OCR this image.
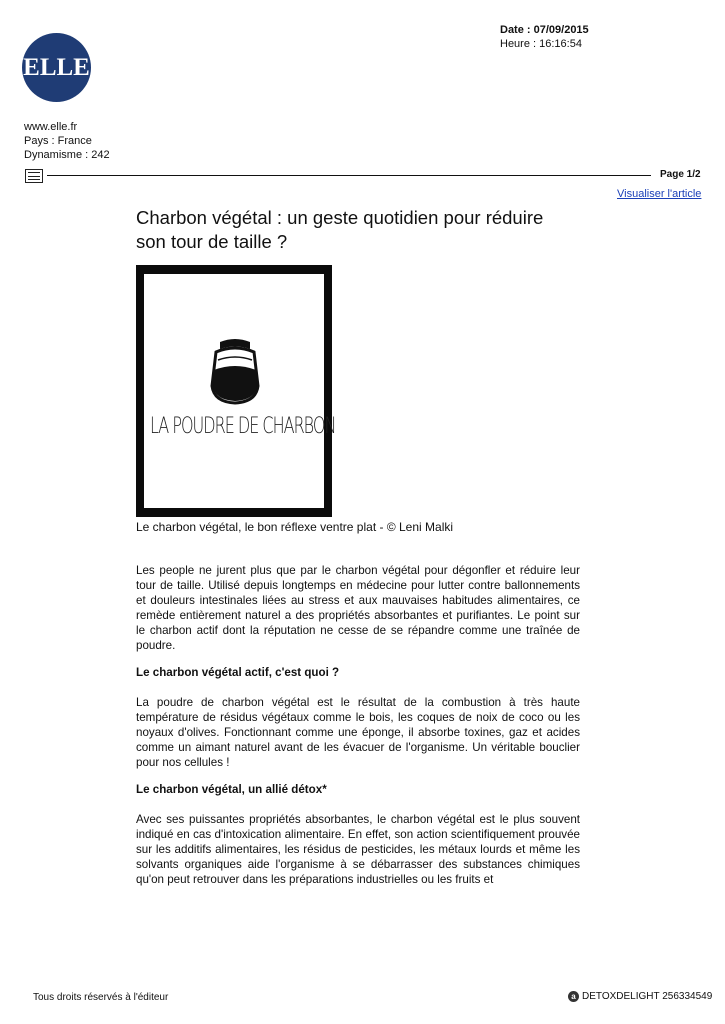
ELLE
Date : 07/09/2015
Heure : 16:16:54
www.elle.fr
Pays : France
Dynamisme : 242
Page 1/2
Visualiser l'article
Charbon végétal : un geste quotidien pour réduire
son tour de taille ?
LA POUDRE DE CHARBON
Le charbon végétal, le bon réflexe ventre plat - © Leni Malki

Les people ne jurent plus que par le charbon végétal pour dégonfler et réduire leur tour de taille. Utilisé depuis longtemps en médecine pour lutter contre ballonnements et douleurs intestinales liées au stress et aux mauvaises habitudes alimentaires, ce remède entièrement naturel a des propriétés absorbantes et purifiantes. Le point sur le charbon actif dont la réputation ne cesse de se répandre comme une traînée de poudre.

Le charbon végétal actif, c'est quoi ?

La poudre de charbon végétal est le résultat de la combustion à très haute température de résidus végétaux comme le bois, les coques de noix de coco ou les noyaux d'olives. Fonctionnant comme une éponge, il absorbe toxines, gaz et acides comme un aimant naturel avant de les évacuer de l'organisme. Un véritable bouclier pour nos cellules !

Le charbon végétal, un allié détox*

Avec ses puissantes propriétés absorbantes, le charbon végétal est le plus souvent indiqué en cas d'intoxication alimentaire. En effet, son action scientifiquement prouvée sur les additifs alimentaires, les résidus de pesticides, les métaux lourds et même les solvants organiques aide l'organisme à se débarrasser des substances chimiques qu'on peut retrouver dans les préparations industrielles ou les fruits et

Tous droits réservés à l'éditeur	a DETOXDELIGHT 256334549
